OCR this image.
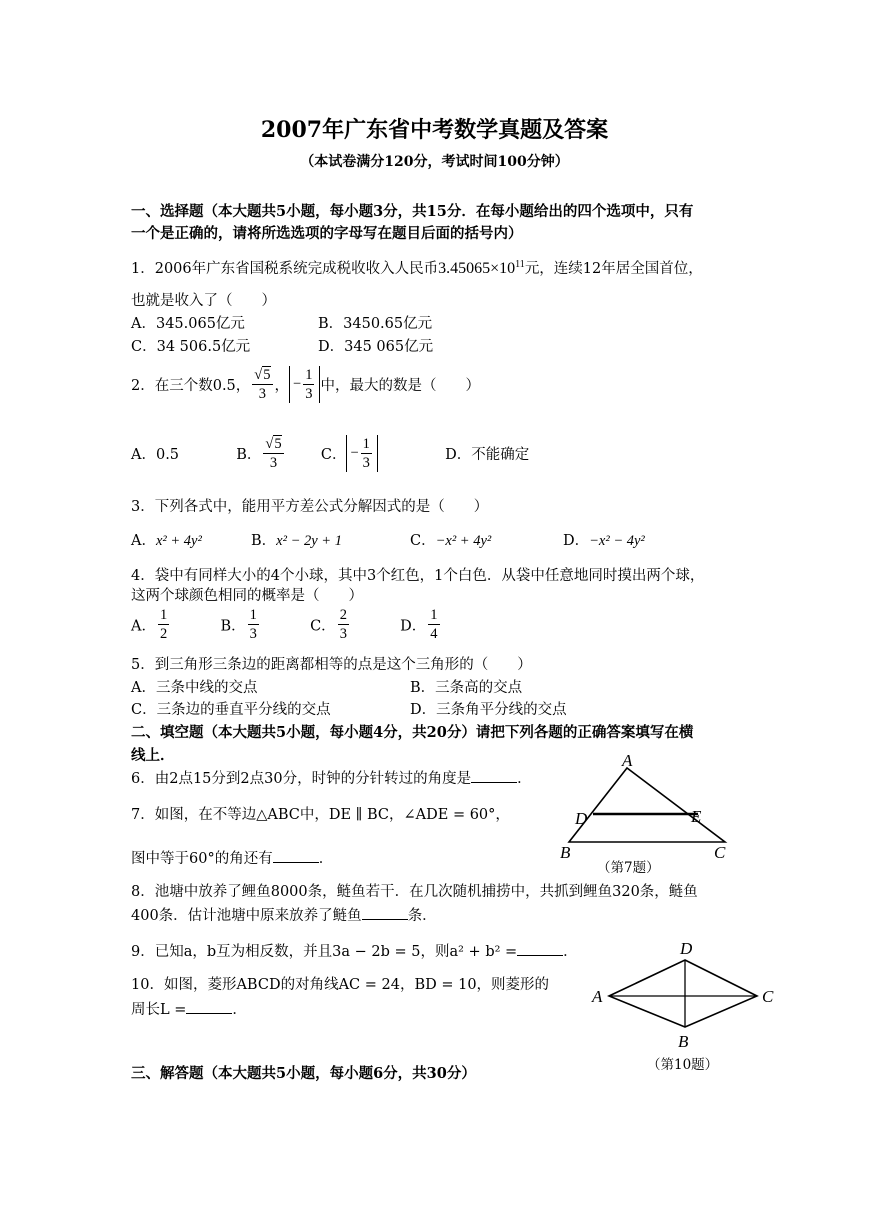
2007年广东省中考数学真题及答案
（本试卷满分120分，考试时间100分钟）
一、选择题（本大题共5小题，每小题3分，共15分．在每小题给出的四个选项中，只有
一个是正确的，请将所选选项的字母写在题目后面的括号内）
1．2006年广东省国税系统完成税收收入人民币$3.45065\times 10^{11}$元，连续12年居全国首位，
也就是收入了（　　）
A．345.065亿元	B．3450.65亿元
C．34 506.5亿元	D．345 065亿元
2．在三个数0.5， $\frac{√5}{3}$ ， − $\frac{1}{3}$ 中，最大的数是（　　）
A．0.5	B． $\frac{√5}{3}$	C． − $\frac{1}{3}$	D．不能确定
3．下列各式中，能用平方差公式分解因式的是（　　）
A．x² + 4y²	B．x² − 2y + 1	C．−x² + 4y²	D．−x² − 4y²
4．袋中有同样大小的4个小球，其中3个红色，1个白色．从袋中任意地同时摸出两个球，
这两个球颜色相同的概率是（　　）
A． $\frac{1}{2}$	B． $\frac{1}{3}$	C． $\frac{2}{3}$	D． $\frac{1}{4}$
5．到三角形三条边的距离都相等的点是这个三角形的（　　）
A．三条中线的交点	B．三条高的交点
C．三条边的垂直平分线的交点	D．三条角平分线的交点
二、填空题（本大题共5小题，每小题4分，共20分）请把下列各题的正确答案填写在横
线上．
6．由2点15分到2点30分，时钟的分针转过的角度是	．
7．如图，在不等边△ABC中，DE ∥ BC，∠ADE = 60°，
图中等于60°的角还有	．
A
D	E
B	C
（第7题）
8．池塘中放养了鲤鱼8000条，鲢鱼若干．在几次随机捕捞中，共抓到鲤鱼320条，鲢鱼
400条．估计池塘中原来放养了鲢鱼	条．
9．已知a，b互为相反数，并且3a − 2b = 5，则a² + b² =	．
10．如图，菱形ABCD的对角线AC = 24，BD = 10，则菱形的
周长L =	．
D
A	C
B
（第10题）
三、解答题（本大题共5小题，每小题6分，共30分）
